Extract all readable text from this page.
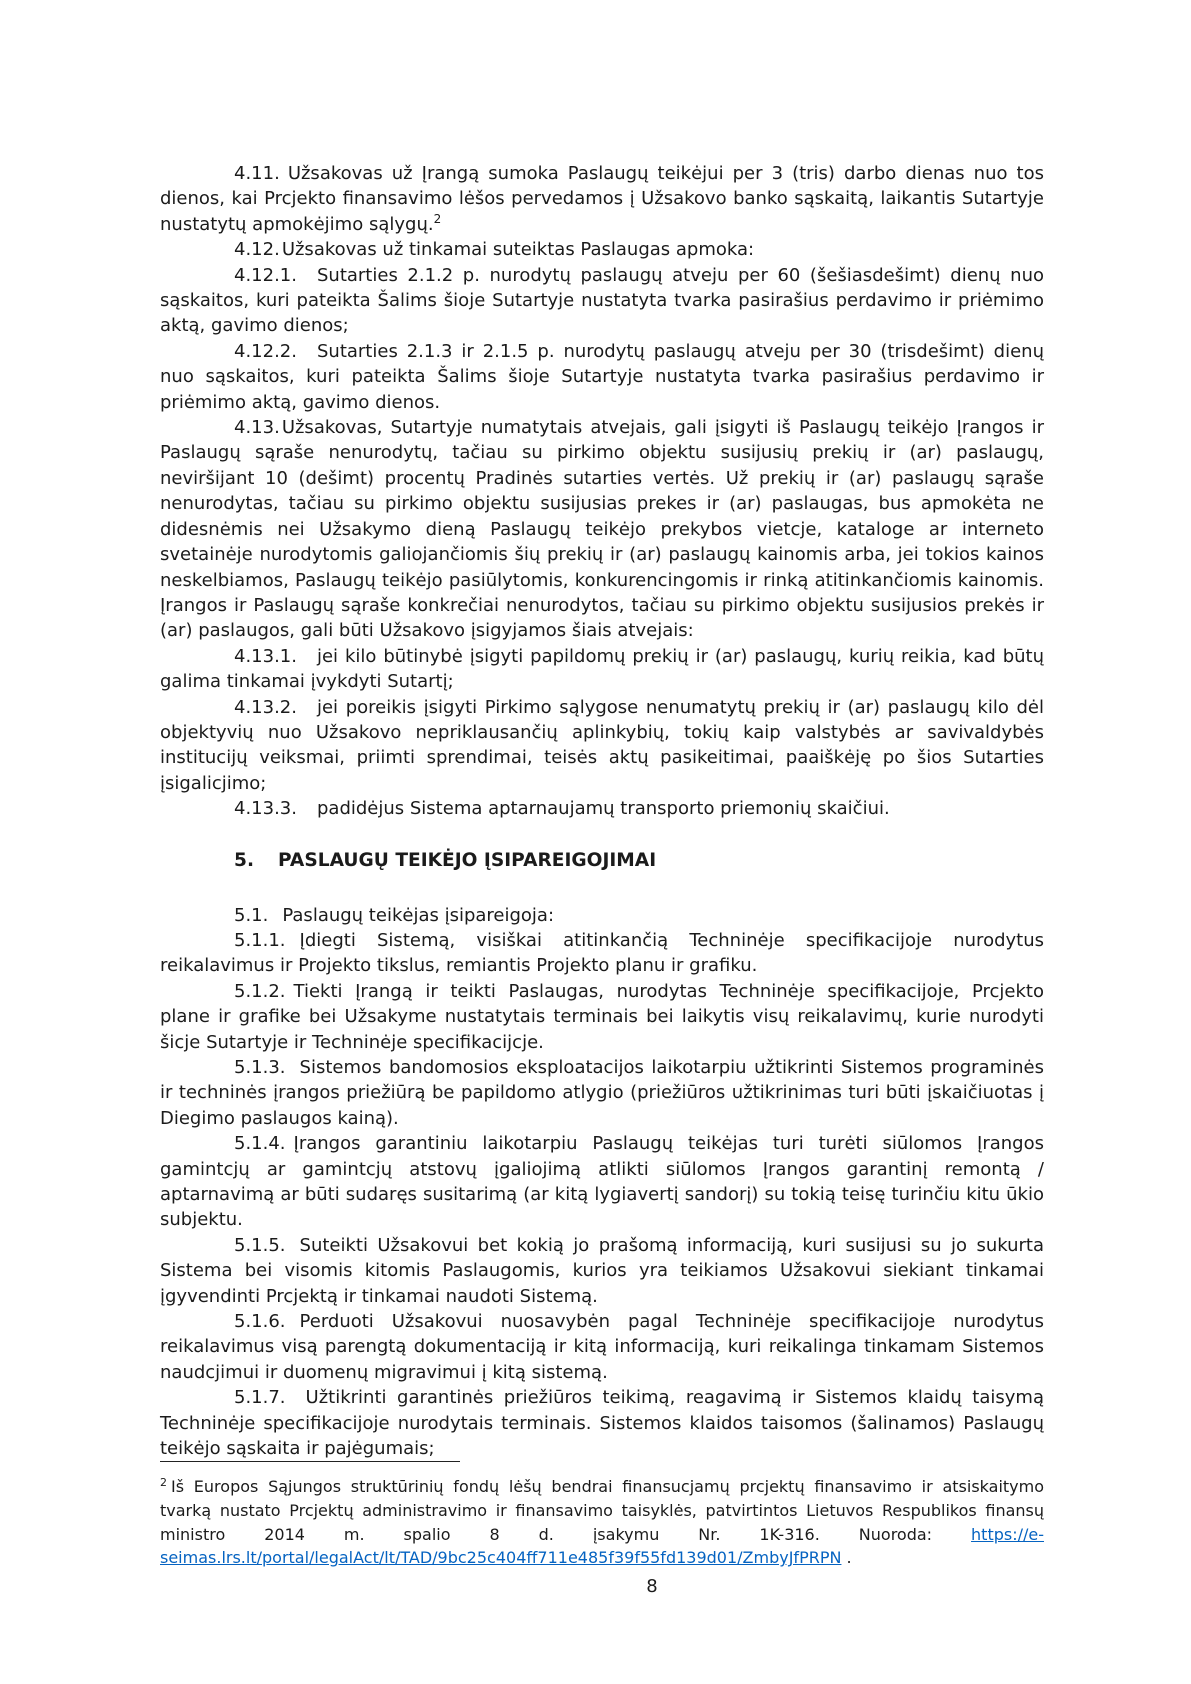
4.11. Užsakovas už Įrangą sumoka Paslaugų teikėjui per 3 (tris) darbo dienas nuo tos dienos, kai Prcjekto finansavimo lėšos pervedamos į Užsakovo banko sąskaitą, laikantis Sutartyje nustatytų apmokėjimo sąlygų.$^2$

4.12. Užsakovas už tinkamai suteiktas Paslaugas apmoka:

4.12.1. Sutarties 2.1.2 p. nurodytų paslaugų atveju per 60 (šešiasdešimt) dienų nuo sąskaitos, kuri pateikta Šalims šioje Sutartyje nustatyta tvarka pasirašius perdavimo ir priėmimo aktą, gavimo dienos;

4.12.2. Sutarties 2.1.3 ir 2.1.5 p. nurodytų paslaugų atveju per 30 (trisdešimt) dienų nuo sąskaitos, kuri pateikta Šalims šioje Sutartyje nustatyta tvarka pasirašius perdavimo ir priėmimo aktą, gavimo dienos.

4.13. Užsakovas, Sutartyje numatytais atvejais, gali įsigyti iš Paslaugų teikėjo Įrangos ir Paslaugų sąraše nenurodytų, tačiau su pirkimo objektu susijusių prekių ir (ar) paslaugų, neviršijant 10 (dešimt) procentų Pradinės sutarties vertės. Už prekių ir (ar) paslaugų sąraše nenurodytas, tačiau su pirkimo objektu susijusias prekes ir (ar) paslaugas, bus apmokėta ne didesnėmis nei Užsakymo dieną Paslaugų teikėjo prekybos vietcje, kataloge ar interneto svetainėje nurodytomis galiojančiomis šių prekių ir (ar) paslaugų kainomis arba, jei tokios kainos neskelbiamos, Paslaugų teikėjo pasiūlytomis, konkurencingomis ir rinką atitinkančiomis kainomis. Įrangos ir Paslaugų sąraše konkrečiai nenurodytos, tačiau su pirkimo objektu susijusios prekės ir (ar) paslaugos, gali būti Užsakovo įsigyjamos šiais atvejais:

4.13.1. jei kilo būtinybė įsigyti papildomų prekių ir (ar) paslaugų, kurių reikia, kad būtų galima tinkamai įvykdyti Sutartį;

4.13.2. jei poreikis įsigyti Pirkimo sąlygose nenumatytų prekių ir (ar) paslaugų kilo dėl objektyvių nuo Užsakovo nepriklausančių aplinkybių, tokių kaip valstybės ar savivaldybės institucijų veiksmai, priimti sprendimai, teisės aktų pasikeitimai, paaiškėję po šios Sutarties įsigalicjimo;

4.13.3. padidėjus Sistema aptarnaujamų transporto priemonių skaičiui.

5. PASLAUGŲ TEIKĖJO ĮSIPAREIGOJIMAI

5.1. Paslaugų teikėjas įsipareigoja:

5.1.1. Įdiegti Sistemą, visiškai atitinkančią Techninėje specifikacijoje nurodytus reikalavimus ir Projekto tikslus, remiantis Projekto planu ir grafiku.

5.1.2. Tiekti Įrangą ir teikti Paslaugas, nurodytas Techninėje specifikacijoje, Prcjekto plane ir grafike bei Užsakyme nustatytais terminais bei laikytis visų reikalavimų, kurie nurodyti šicje Sutartyje ir Techninėje specifikacijcje.

5.1.3. Sistemos bandomosios eksploatacijos laikotarpiu užtikrinti Sistemos programinės ir techninės įrangos priežiūrą be papildomo atlygio (priežiūros užtikrinimas turi būti įskaičiuotas į Diegimo paslaugos kainą).

5.1.4. Įrangos garantiniu laikotarpiu Paslaugų teikėjas turi turėti siūlomos Įrangos gamintcjų ar gamintcjų atstovų įgaliojimą atlikti siūlomos Įrangos garantinį remontą / aptarnavimą ar būti sudaręs susitarimą (ar kitą lygiavertį sandorį) su tokią teisę turinčiu kitu ūkio subjektu.

5.1.5. Suteikti Užsakovui bet kokią jo prašomą informaciją, kuri susijusi su jo sukurta Sistema bei visomis kitomis Paslaugomis, kurios yra teikiamos Užsakovui siekiant tinkamai įgyvendinti Prcjektą ir tinkamai naudoti Sistemą.

5.1.6. Perduoti Užsakovui nuosavybėn pagal Techninėje specifikacijoje nurodytus reikalavimus visą parengtą dokumentaciją ir kitą informaciją, kuri reikalinga tinkamam Sistemos naudcjimui ir duomenų migravimui į kitą sistemą.

5.1.7. Užtikrinti garantinės priežiūros teikimą, reagavimą ir Sistemos klaidų taisymą Techninėje specifikacijoje nurodytais terminais. Sistemos klaidos taisomos (šalinamos) Paslaugų teikėjo sąskaita ir pajėgumais;

$^2$ Iš Europos Sąjungos struktūrinių fondų lėšų bendrai finansucjamų prcjektų finansavimo ir atsiskaitymo tvarką nustato Prcjektų administravimo ir finansavimo taisyklės, patvirtintos Lietuvos Respublikos finansų ministro 2014 m. spalio 8 d. įsakymu Nr. 1K-316. Nuoroda: https://e-seimas.lrs.lt/portal/legalAct/lt/TAD/9bc25c404ff711e485f39f55fd139d01/ZmbyJfPRPN .

8
